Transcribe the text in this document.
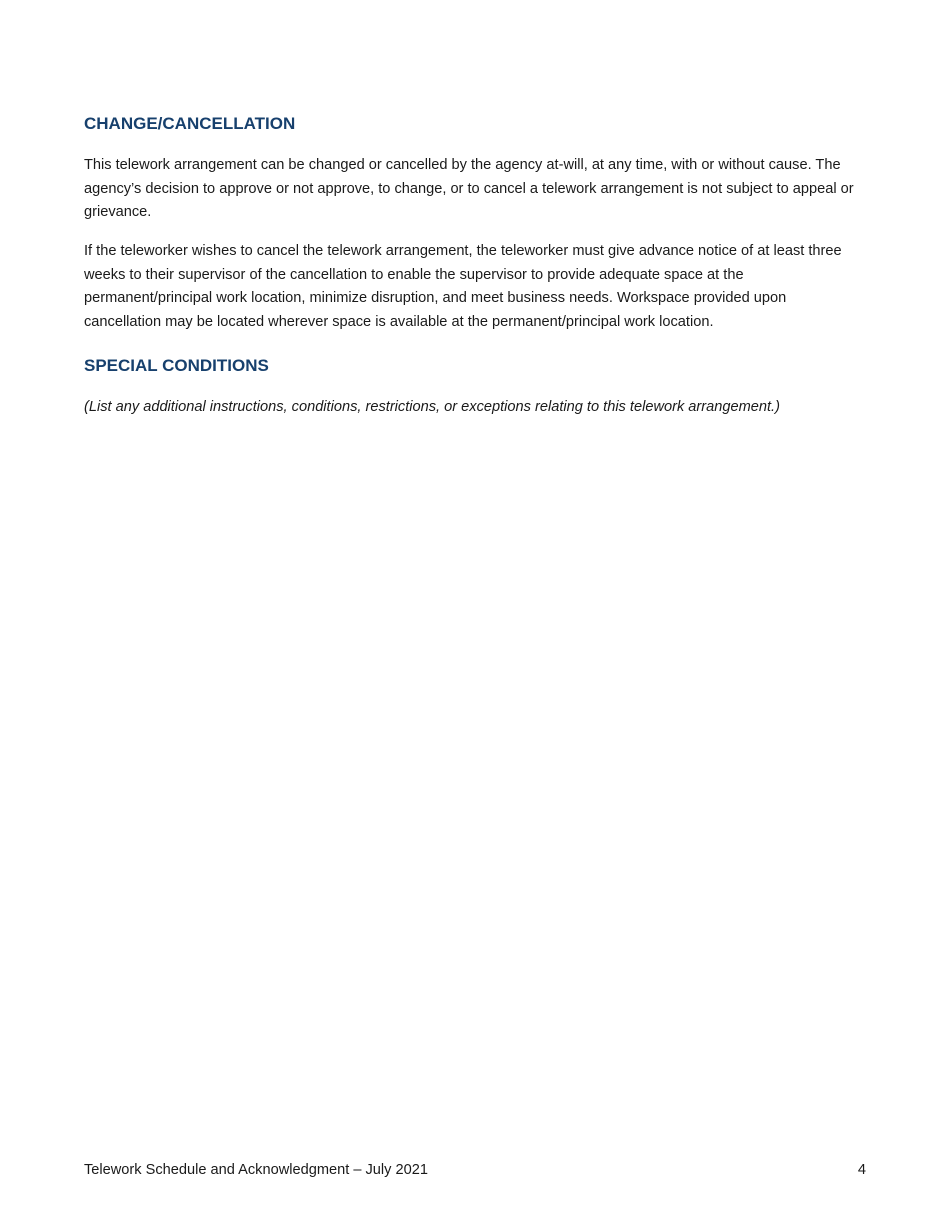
CHANGE/CANCELLATION

This telework arrangement can be changed or cancelled by the agency at-will, at any time, with or without cause. The agency’s decision to approve or not approve, to change, or to cancel a telework arrangement is not subject to appeal or grievance.

If the teleworker wishes to cancel the telework arrangement, the teleworker must give advance notice of at least three weeks to their supervisor of the cancellation to enable the supervisor to provide adequate space at the permanent/principal work location, minimize disruption, and meet business needs. Workspace provided upon cancellation may be located wherever space is available at the permanent/principal work location.

SPECIAL CONDITIONS

(List any additional instructions, conditions, restrictions, or exceptions relating to this telework arrangement.)

Telework Schedule and Acknowledgment – July 2021	4
